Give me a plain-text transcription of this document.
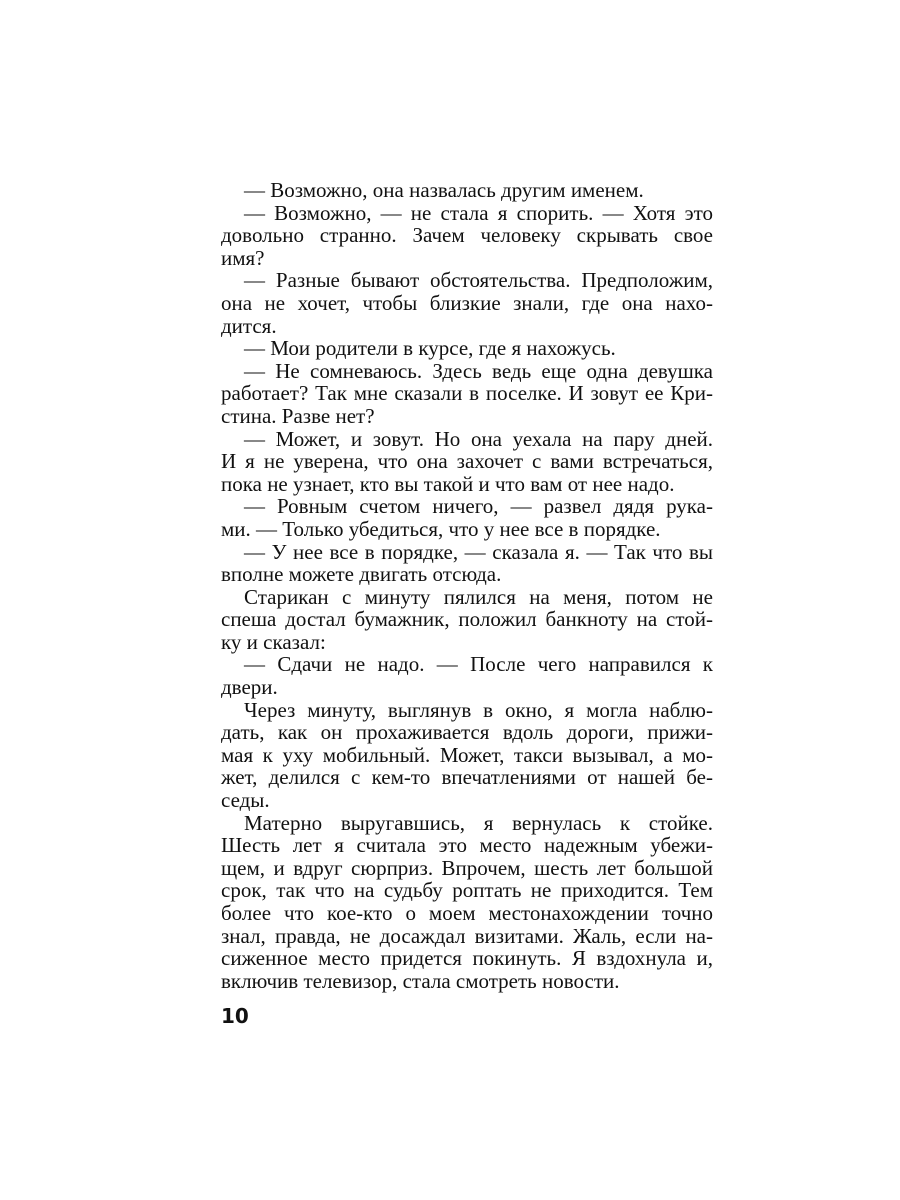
— Возможно, она назвалась другим именем.
— Возможно, — не стала я спорить. — Хотя это
довольно странно. Зачем человеку скрывать свое
имя?
— Разные бывают обстоятельства. Предположим,
она не хочет, чтобы близкие знали, где она нахо-
дится.
— Мои родители в курсе, где я нахожусь.
— Не сомневаюсь. Здесь ведь еще одна девушка
работает? Так мне сказали в поселке. И зовут ее Кри-
стина. Разве нет?
— Может, и зовут. Но она уехала на пару дней.
И я не уверена, что она захочет с вами встречаться,
пока не узнает, кто вы такой и что вам от нее надо.
— Ровным счетом ничего, — развел дядя рука-
ми. — Только убедиться, что у нее все в порядке.
— У нее все в порядке, — сказала я. — Так что вы
вполне можете двигать отсюда.
Старикан с минуту пялился на меня, потом не
спеша достал бумажник, положил банкноту на стой-
ку и сказал:
— Сдачи не надо. — После чего направился к
двери.
Через минуту, выглянув в окно, я могла наблю-
дать, как он прохаживается вдоль дороги, прижи-
мая к уху мобильный. Может, такси вызывал, а мо-
жет, делился с кем-то впечатлениями от нашей бе-
седы.
Матерно выругавшись, я вернулась к стойке.
Шесть лет я считала это место надежным убежи-
щем, и вдруг сюрприз. Впрочем, шесть лет большой
срок, так что на судьбу роптать не приходится. Тем
более что кое-кто о моем местонахождении точно
знал, правда, не досаждал визитами. Жаль, если на-
сиженное место придется покинуть. Я вздохнула и,
включив телевизор, стала смотреть новости.
10
